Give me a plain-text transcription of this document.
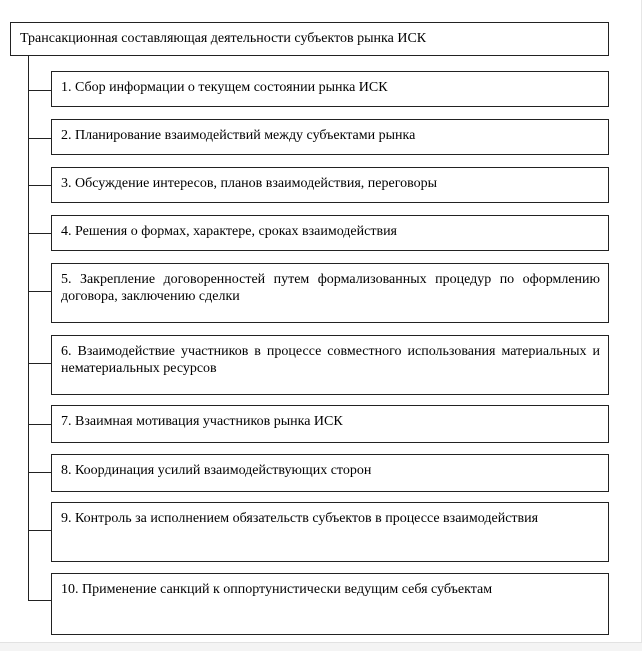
Трансакционная составляющая деятельности субъектов рынка ИСК
1. Сбор информации о текущем состоянии рынка ИСК
2. Планирование взаимодействий между субъектами рынка
3. Обсуждение интересов, планов взаимодействия, переговоры
4. Решения о формах, характере, сроках взаимодействия
5. Закрепление договоренностей путем формализованных процедур по оформлению договора, заключению сделки
6. Взаимодействие участников в процессе совместного использования материальных и нематериальных ресурсов
7. Взаимная мотивация участников рынка ИСК
8. Координация усилий взаимодействующих сторон
9. Контроль за исполнением обязательств субъектов в процессе взаимодействия
10. Применение санкций к оппортунистически ведущим себя субъектам
